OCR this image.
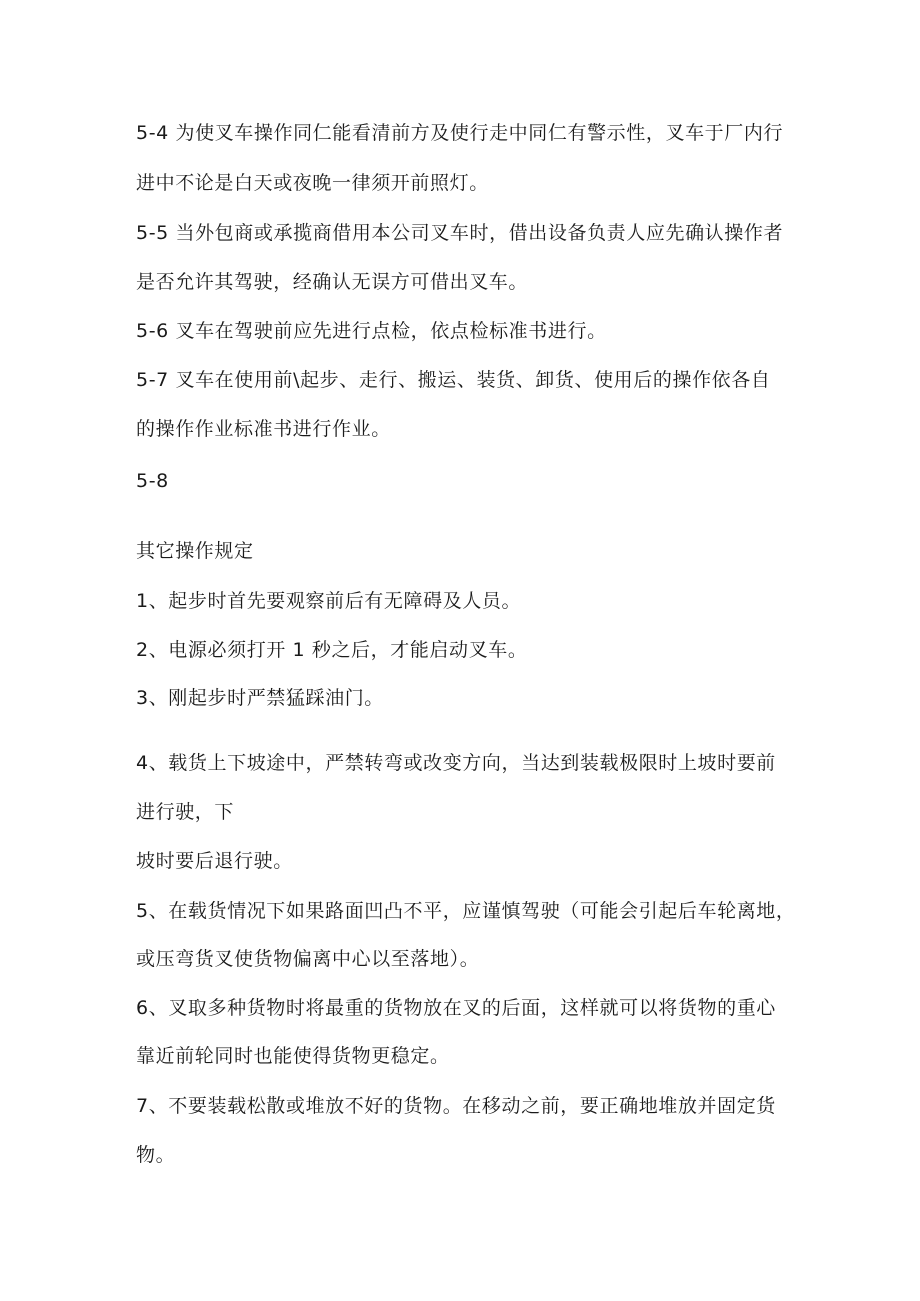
5-4 为使叉车操作同仁能看清前方及使行走中同仁有警示性，叉车于厂内行
进中不论是白天或夜晚一律须开前照灯。
5-5 当外包商或承揽商借用本公司叉车时，借出设备负责人应先确认操作者
是否允许其驾驶，经确认无误方可借出叉车。
5-6 叉车在驾驶前应先进行点检，依点检标准书进行。
5-7 叉车在使用前\起步、走行、搬运、装货、卸货、使用后的操作依各自
的操作作业标准书进行作业。
5-8
其它操作规定
1、起步时首先要观察前后有无障碍及人员。
2、电源必须打开 1 秒之后，才能启动叉车。
3、刚起步时严禁猛踩油门。
4、载货上下坡途中，严禁转弯或改变方向，当达到装载极限时上坡时要前
进行驶，下
坡时要后退行驶。
5、在载货情况下如果路面凹凸不平，应谨慎驾驶（可能会引起后车轮离地，
或压弯货叉使货物偏离中心以至落地）。
6、叉取多种货物时将最重的货物放在叉的后面，这样就可以将货物的重心
靠近前轮同时也能使得货物更稳定。
7、不要装载松散或堆放不好的货物。在移动之前，要正确地堆放并固定货
物。
